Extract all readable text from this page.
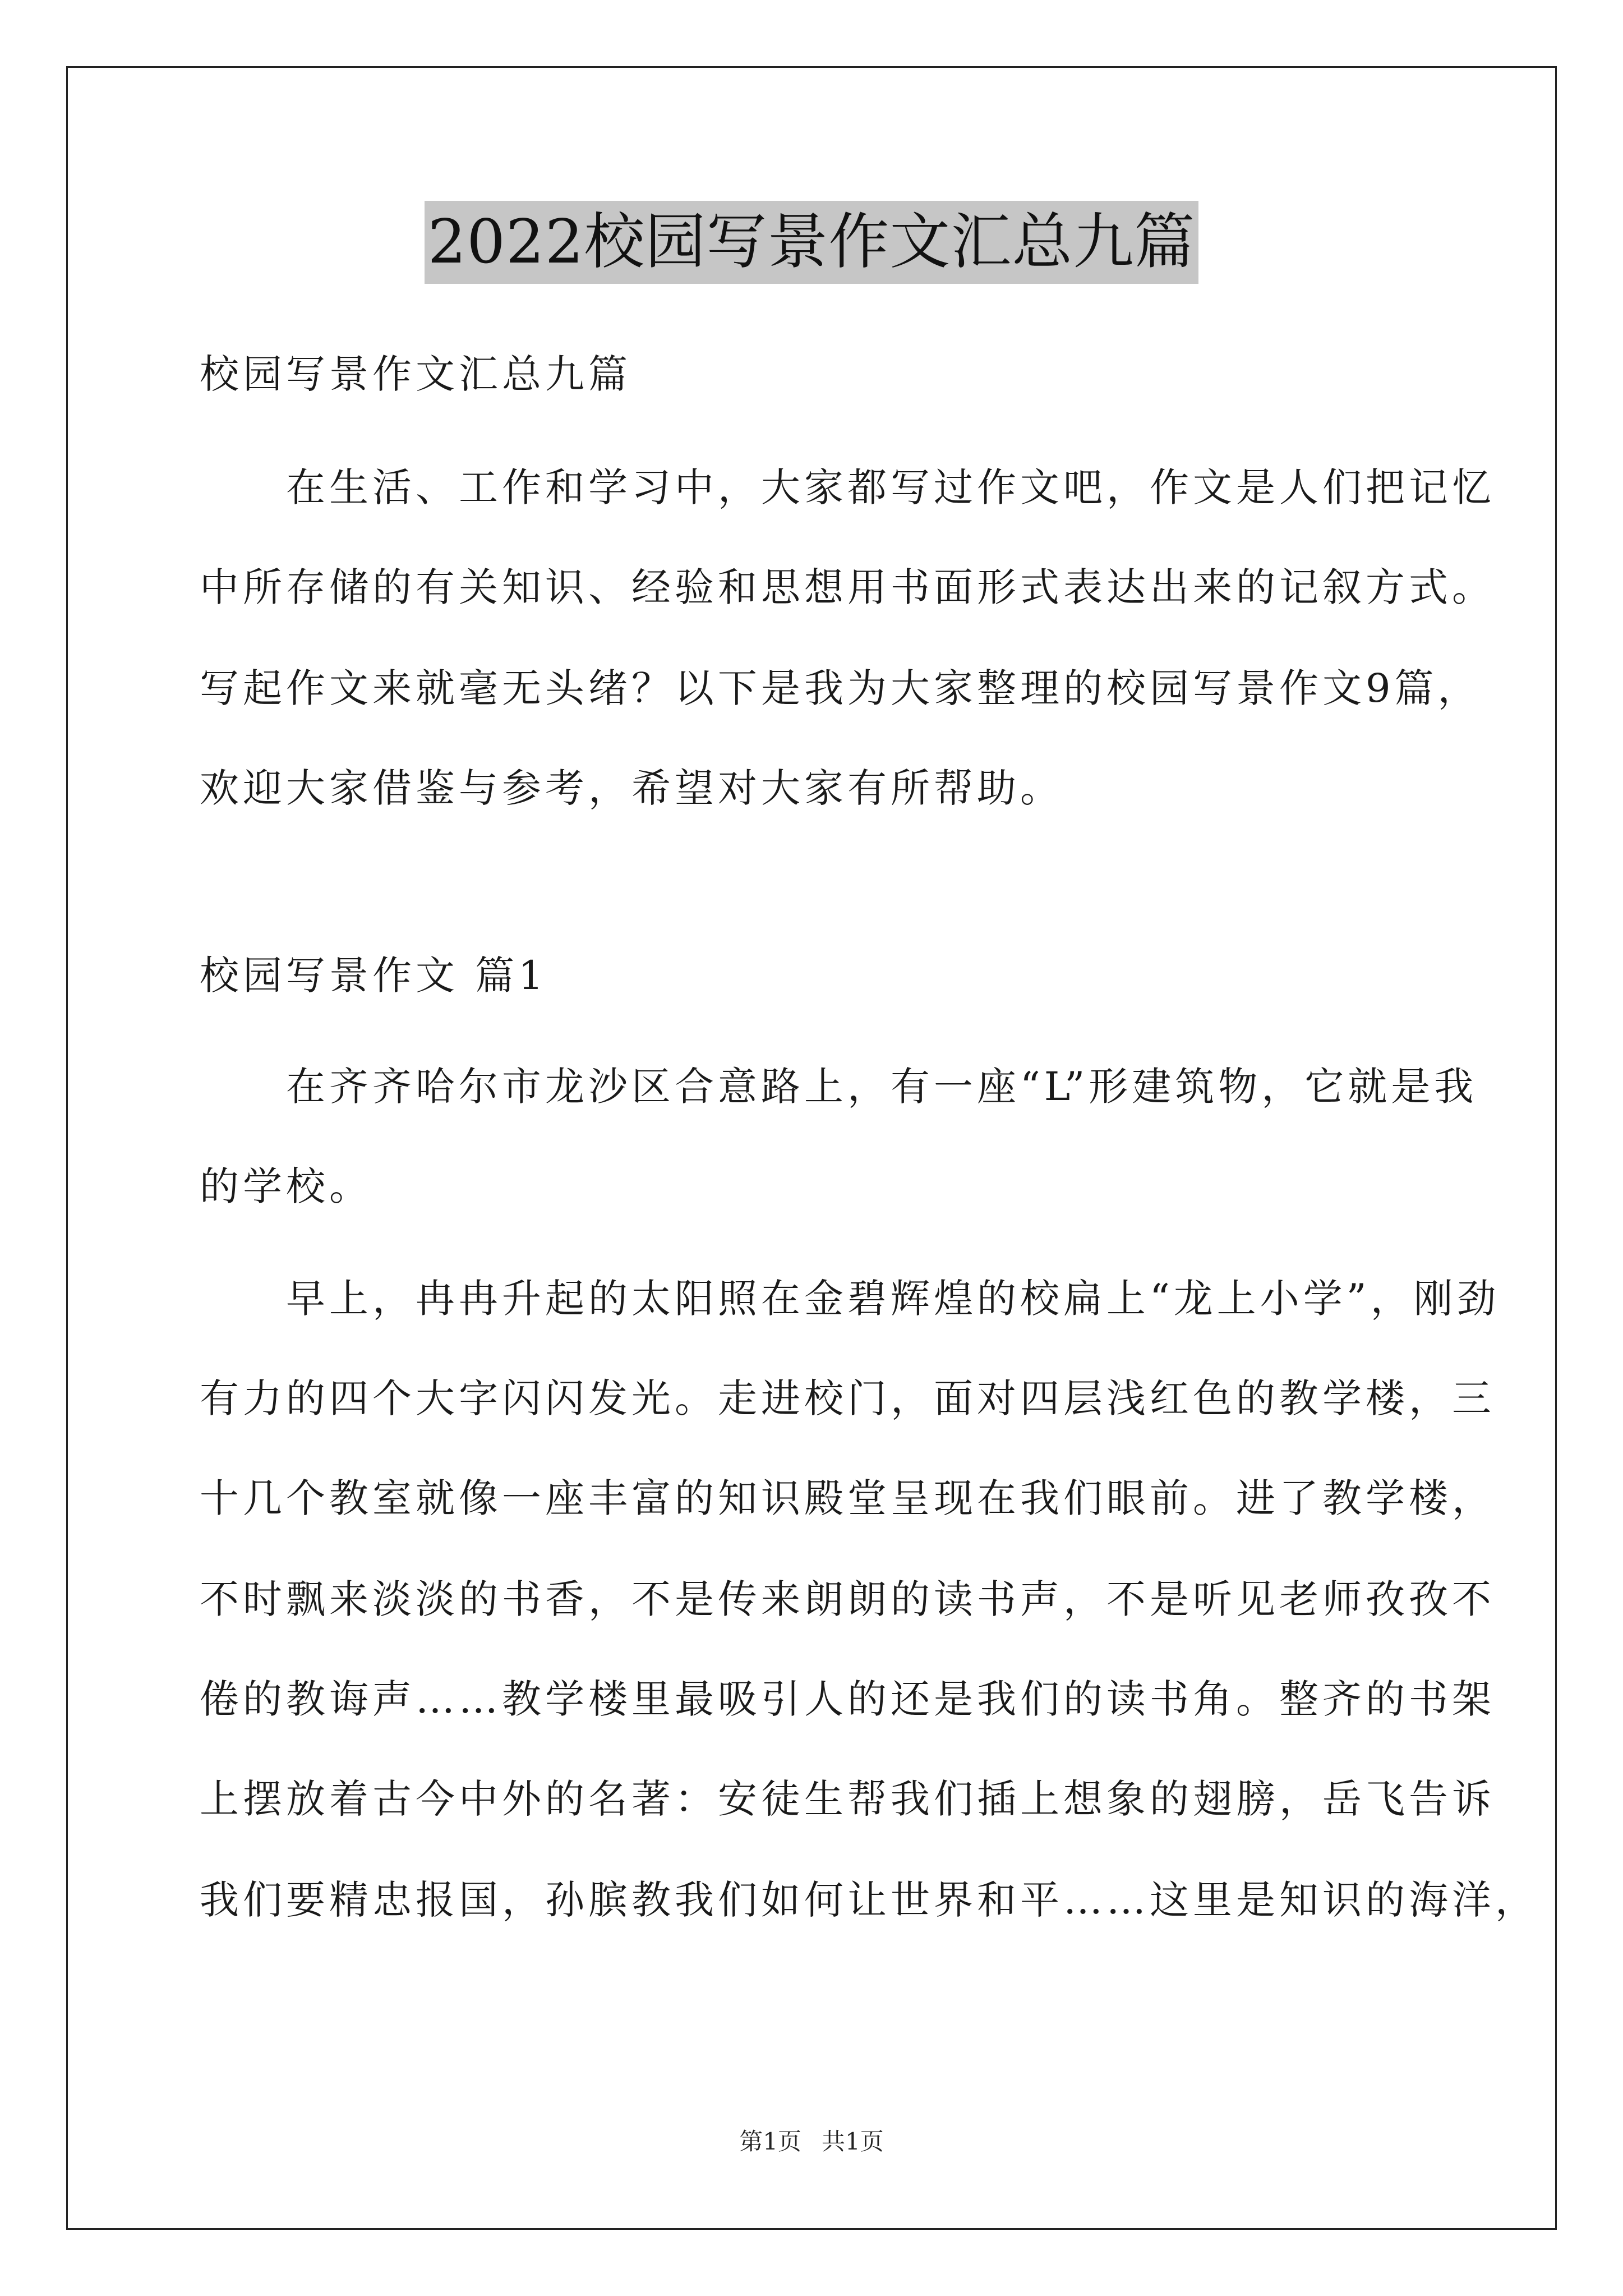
2022校园写景作文汇总九篇
校园写景作文汇总九篇
　　在生活、工作和学习中，大家都写过作文吧，作文是人们把记忆
中所存储的有关知识、经验和思想用书面形式表达出来的记叙方式。
写起作文来就毫无头绪？以下是我为大家整理的校园写景作文9篇，
欢迎大家借鉴与参考，希望对大家有所帮助。
校园写景作文 篇1
　　在齐齐哈尔市龙沙区合意路上，有一座“L”形建筑物，它就是我
的学校。
　　早上，冉冉升起的太阳照在金碧辉煌的校扁上“龙上小学”，刚劲
有力的四个大字闪闪发光。走进校门，面对四层浅红色的教学楼，三
十几个教室就像一座丰富的知识殿堂呈现在我们眼前。进了教学楼，
不时飘来淡淡的书香，不是传来朗朗的读书声，不是听见老师孜孜不
倦的教诲声……教学楼里最吸引人的还是我们的读书角。整齐的书架
上摆放着古今中外的名著：安徒生帮我们插上想象的翅膀，岳飞告诉
我们要精忠报国，孙膑教我们如何让世界和平……这里是知识的海洋，
第1页 共1页
